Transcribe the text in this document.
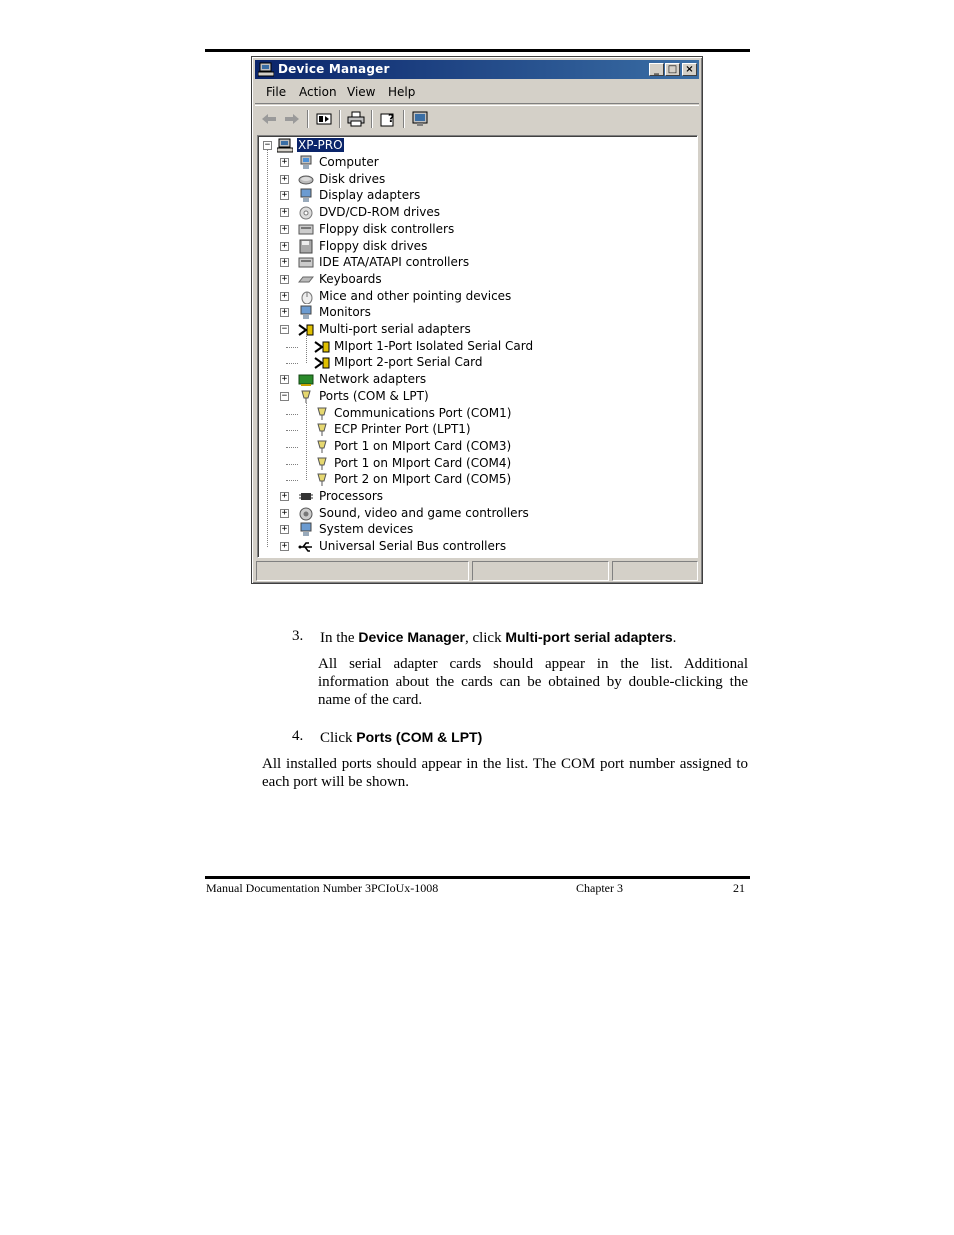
Device Manager	_ □ ×
File Action View Help
?
− XP-PRO
+	Computer
+	Disk drives
+	Display adapters
+	DVD/CD-ROM drives
+	Floppy disk controllers
+	Floppy disk drives
+	IDE ATA/ATAPI controllers
+	Keyboards
+	Mice and other pointing devices
+	Monitors
−	Multi-port serial adapters
MIport 1-Port Isolated Serial Card
MIport 2-port Serial Card
+	Network adapters
−	Ports (COM & LPT)
Communications Port (COM1)
ECP Printer Port (LPT1)
Port 1 on MIport Card (COM3)
Port 1 on MIport Card (COM4)
Port 2 on MIport Card (COM5)
+	Processors
+	Sound, video and game controllers
+	System devices
+	Universal Serial Bus controllers
3. In the Device Manager, click Multi-port serial adapters.
All serial adapter cards should appear in the list. Additional information about the cards can be obtained by double-clicking the name of the card.
4. Click Ports (COM & LPT)
All installed ports should appear in the list. The COM port number assigned to each port will be shown.
Manual Documentation Number 3PCIoUx-1008	Chapter 3	21
